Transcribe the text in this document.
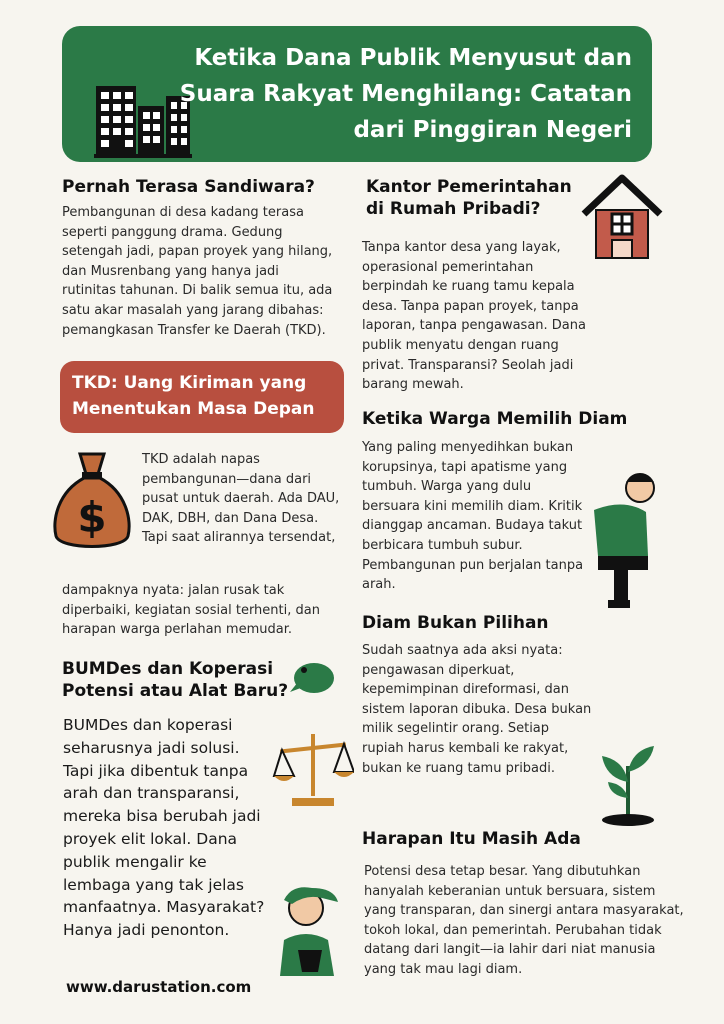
Ketika Dana Publik Menyusut dan Suara Rakyat Menghilang: Catatan dari Pinggiran Negeri
Pernah Terasa Sandiwara?

Pembangunan di desa kadang terasa seperti panggung drama. Gedung setengah jadi, papan proyek yang hilang, dan Musrenbang yang hanya jadi rutinitas tahunan. Di balik semua itu, ada satu akar masalah yang jarang dibahas: pemangkasan Transfer ke Daerah (TKD).

TKD: Uang Kiriman yang Menentukan Masa Depan
$

TKD adalah napas pembangunan—dana dari pusat untuk daerah. Ada DAU, DAK, DBH, dan Dana Desa. Tapi saat alirannya tersendat,

dampaknya nyata: jalan rusak tak diperbaiki, kegiatan sosial terhenti, dan harapan warga perlahan memudar.

BUMDes dan Koperasi Potensi atau Alat Baru?

BUMDes dan koperasi seharusnya jadi solusi. Tapi jika dibentuk tanpa arah dan transparansi, mereka bisa berubah jadi proyek elit lokal. Dana publik mengalir ke lembaga yang tak jelas manfaatnya. Masyarakat? Hanya jadi penonton.

www.darustation.com

Kantor Pemerintahan di Rumah Pribadi?

Tanpa kantor desa yang layak, operasional pemerintahan berpindah ke ruang tamu kepala desa. Tanpa papan proyek, tanpa laporan, tanpa pengawasan. Dana publik menyatu dengan ruang privat. Transparansi? Seolah jadi barang mewah.

Ketika Warga Memilih Diam

Yang paling menyedihkan bukan korupsinya, tapi apatisme yang tumbuh. Warga yang dulu bersuara kini memilih diam. Kritik dianggap ancaman. Budaya takut berbicara tumbuh subur. Pembangunan pun berjalan tanpa arah.

Diam Bukan Pilihan

Sudah saatnya ada aksi nyata: pengawasan diperkuat, kepemimpinan direformasi, dan sistem laporan dibuka. Desa bukan milik segelintir orang. Setiap rupiah harus kembali ke rakyat, bukan ke ruang tamu pribadi.

Harapan Itu Masih Ada

Potensi desa tetap besar. Yang dibutuhkan hanyalah keberanian untuk bersuara, sistem yang transparan, dan sinergi antara masyarakat, tokoh lokal, dan pemerintah. Perubahan tidak datang dari langit—ia lahir dari niat manusia yang tak mau lagi diam.
